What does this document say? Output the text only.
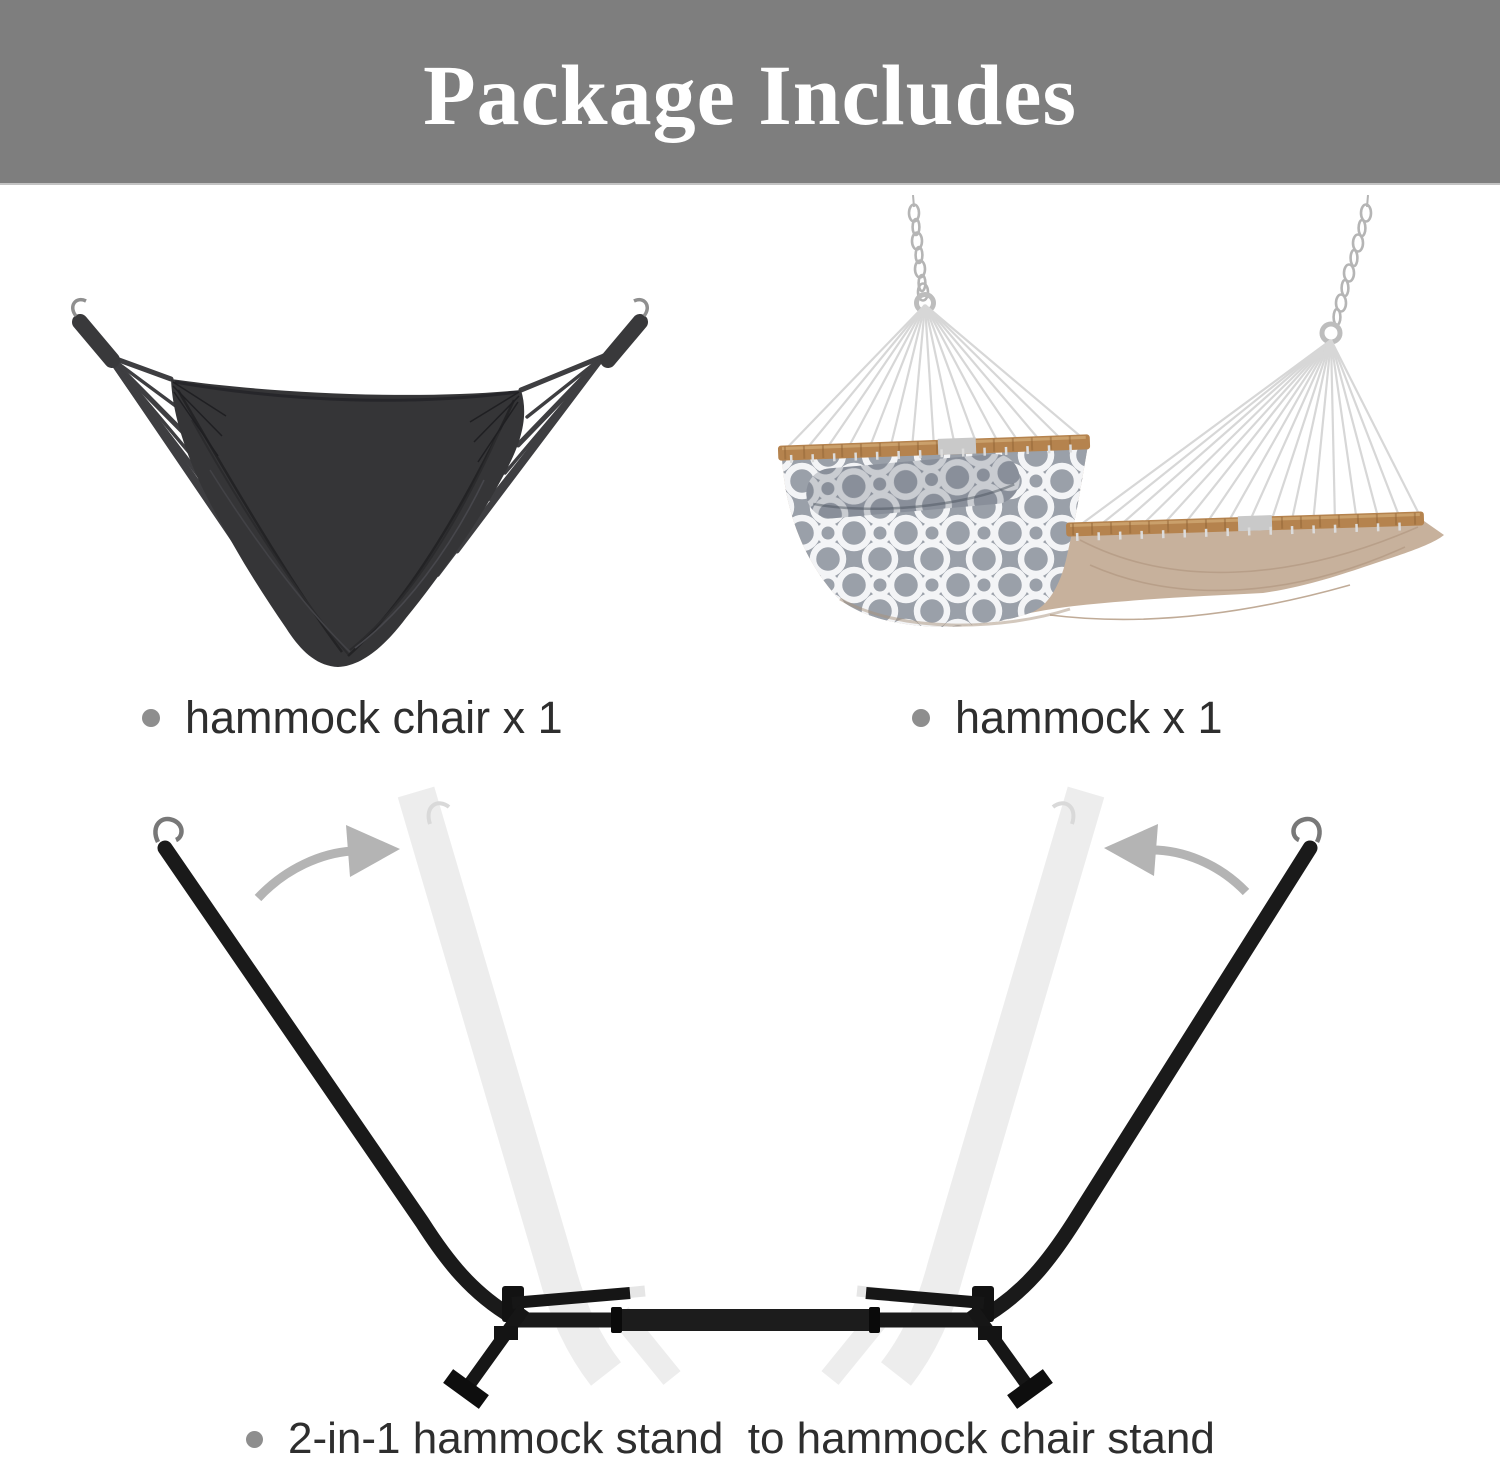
Package Includes
hammock chair x 1	hammock x 1
2-in-1 hammock stand  to hammock chair stand
